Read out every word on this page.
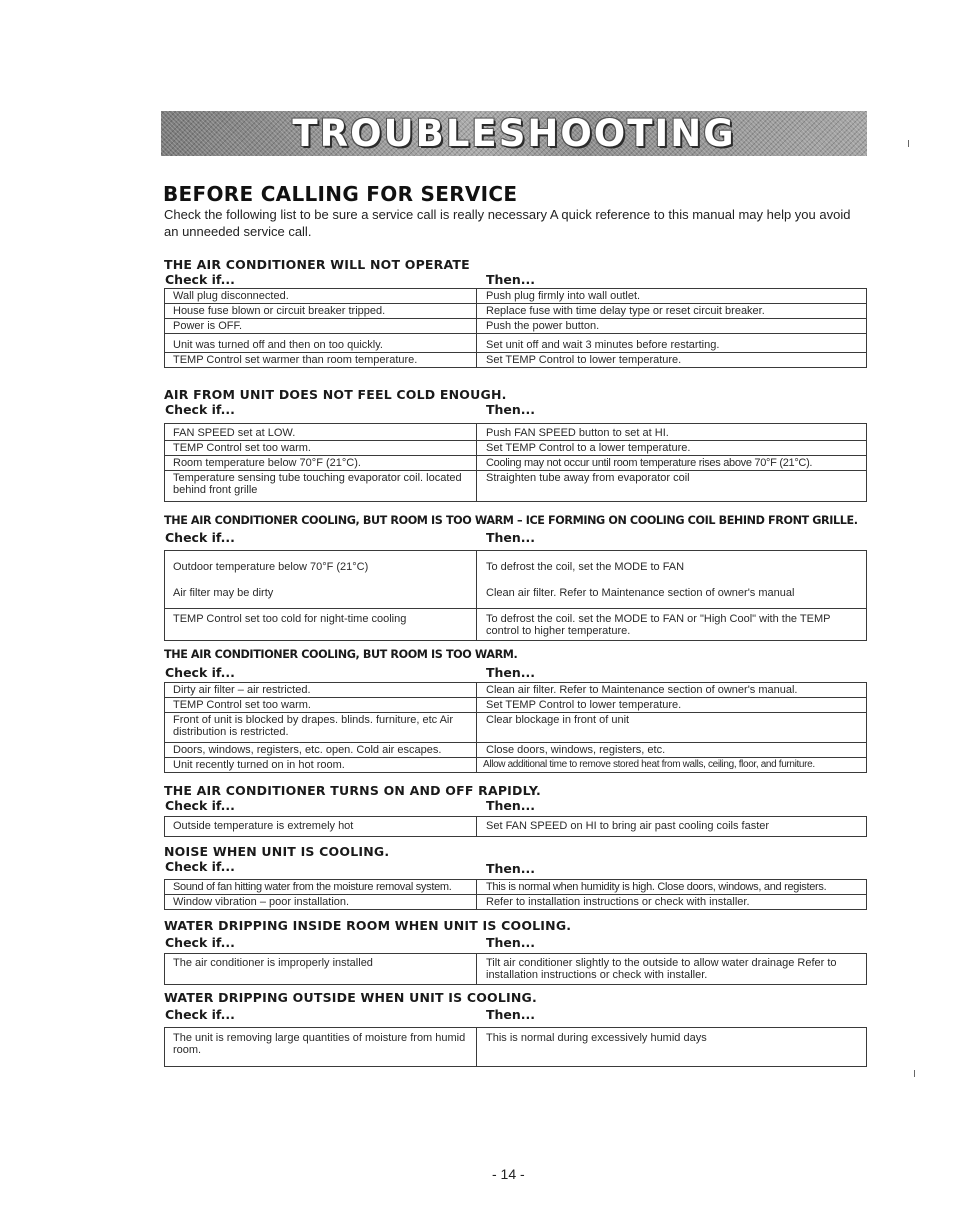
TROUBLESHOOTING
BEFORE CALLING FOR SERVICE

Check the following list to be sure a service call is really necessary A quick reference to this manual may help you avoid an unneeded service call.

THE AIR CONDITIONER WILL NOT OPERATE
Check if...	Then...
Wall plug disconnected.	Push plug firmly into wall outlet.
House fuse blown or circuit breaker tripped.	Replace fuse with time delay type or reset circuit breaker.
Power is OFF.	Push the power button.
Unit was turned off and then on too quickly.	Set unit off and wait 3 minutes before restarting.
TEMP Control set warmer than room temperature.	Set TEMP Control to lower temperature.
AIR FROM UNIT DOES NOT FEEL COLD ENOUGH.
Check if...	Then...
FAN SPEED set at LOW.	Push FAN SPEED button to set at HI.
TEMP Control set too warm.	Set TEMP Control to a lower temperature.
Room temperature below 70°F (21°C).	Cooling may not occur until room temperature rises above 70°F (21°C).
Temperature sensing tube touching evaporator coil. located behind front grille	Straighten tube away from evaporator coil
THE AIR CONDITIONER COOLING, BUT ROOM IS TOO WARM – ICE FORMING ON COOLING COIL BEHIND FRONT GRILLE.
Check if...	Then...
Outdoor temperature below 70°F (21°C)	To defrost the coil, set the MODE to FAN
Air filter may be dirty	Clean air filter. Refer to Maintenance section of owner's manual
TEMP Control set too cold for night-time cooling	To defrost the coil. set the MODE to FAN or "High Cool" with the TEMP control to higher temperature.
THE AIR CONDITIONER COOLING, BUT ROOM IS TOO WARM.
Check if...	Then...
Dirty air filter – air restricted.	Clean air filter. Refer to Maintenance section of owner's manual.
TEMP Control set too warm.	Set TEMP Control to lower temperature.
Front of unit is blocked by drapes. blinds. furniture, etc Air distribution is restricted.	Clear blockage in front of unit
Doors, windows, registers, etc. open. Cold air escapes.	Close doors, windows, registers, etc.
Unit recently turned on in hot room.	Allow additional time to remove stored heat from walls, ceiling, floor, and furniture.
THE AIR CONDITIONER TURNS ON AND OFF RAPIDLY.
Check if...	Then...
Outside temperature is extremely hot	Set FAN SPEED on HI to bring air past cooling coils faster
NOISE WHEN UNIT IS COOLING.
Check if...	Then...
Sound of fan hitting water from the moisture removal system.	This is normal when humidity is high. Close doors, windows, and registers.
Window vibration – poor installation.	Refer to installation instructions or check with installer.
WATER DRIPPING INSIDE ROOM WHEN UNIT IS COOLING.
Check if...	Then...
The air conditioner is improperly installed	Tilt air conditioner slightly to the outside to allow water drainage Refer to installation instructions or check with installer.
WATER DRIPPING OUTSIDE WHEN UNIT IS COOLING.
Check if...	Then...
The unit is removing large quantities of moisture from humid room.	This is normal during excessively humid days
- 14 -
